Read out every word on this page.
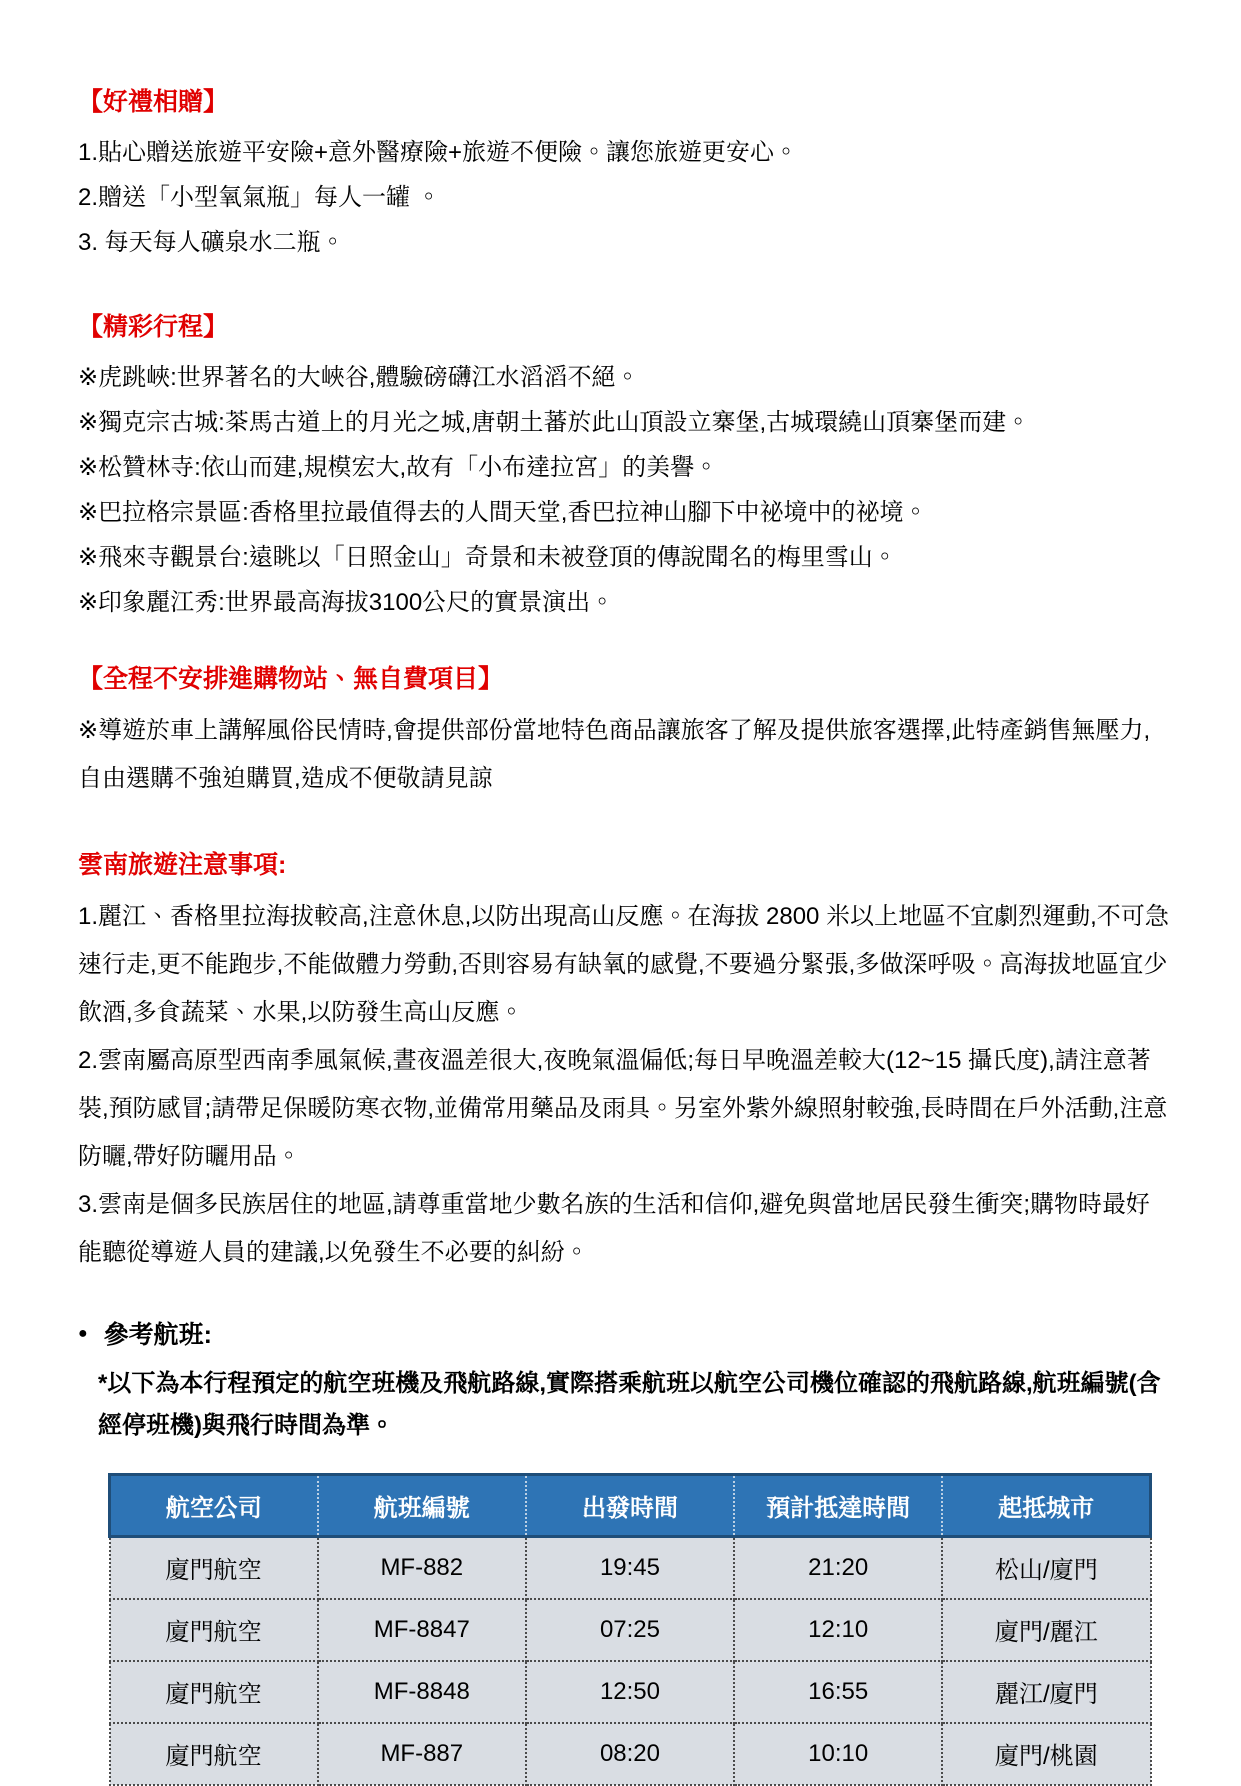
【好禮相贈】

1.貼心贈送旅遊平安險+意外醫療險+旅遊不便險。讓您旅遊更安心。

2.贈送「小型氧氣瓶」每人一罐 。

3. 每天每人礦泉水二瓶。

【精彩行程】

※虎跳峽:世界著名的大峽谷,體驗磅礴江水滔滔不絕。

※獨克宗古城:茶馬古道上的月光之城,唐朝土蕃於此山頂設立寨堡,古城環繞山頂寨堡而建。

※松贊林寺:依山而建,規模宏大,故有「小布達拉宮」的美譽。

※巴拉格宗景區:香格里拉最值得去的人間天堂,香巴拉神山腳下中祕境中的祕境。

※飛來寺觀景台:遠眺以「日照金山」奇景和未被登頂的傳說聞名的梅里雪山。

※印象麗江秀:世界最高海拔3100公尺的實景演出。

【全程不安排進購物站、無自費項目】

※導遊於車上講解風俗民情時,會提供部份當地特色商品讓旅客了解及提供旅客選擇,此特產銷售無壓力,自由選購不強迫購買,造成不便敬請見諒

雲南旅遊注意事項:

1.麗江、香格里拉海拔較高,注意休息,以防出現高山反應。在海拔 2800 米以上地區不宜劇烈運動,不可急速行走,更不能跑步,不能做體力勞動,否則容易有缺氧的感覺,不要過分緊張,多做深呼吸。高海拔地區宜少飲酒,多食蔬菜、水果,以防發生高山反應。

2.雲南屬高原型西南季風氣候,晝夜溫差很大,夜晚氣溫偏低;每日早晚溫差較大(12~15 攝氏度),請注意著裝,預防感冒;請帶足保暖防寒衣物,並備常用藥品及雨具。另室外紫外線照射較強,長時間在戶外活動,注意防曬,帶好防曬用品。

3.雲南是個多民族居住的地區,請尊重當地少數名族的生活和信仰,避免與當地居民發生衝突;購物時最好能聽從導遊人員的建議,以免發生不必要的糾紛。

● 參考航班:

*以下為本行程預定的航空班機及飛航路線,實際搭乘航班以航空公司機位確認的飛航路線,航班編號(含經停班機)與飛行時間為準。

航空公司	航班編號	出發時間	預計抵達時間	起抵城市
廈門航空	MF-882	19:45	21:20	松山/廈門
廈門航空	MF-8847	07:25	12:10	廈門/麗江
廈門航空	MF-8848	12:50	16:55	麗江/廈門
廈門航空	MF-887	08:20	10:10	廈門/桃園
